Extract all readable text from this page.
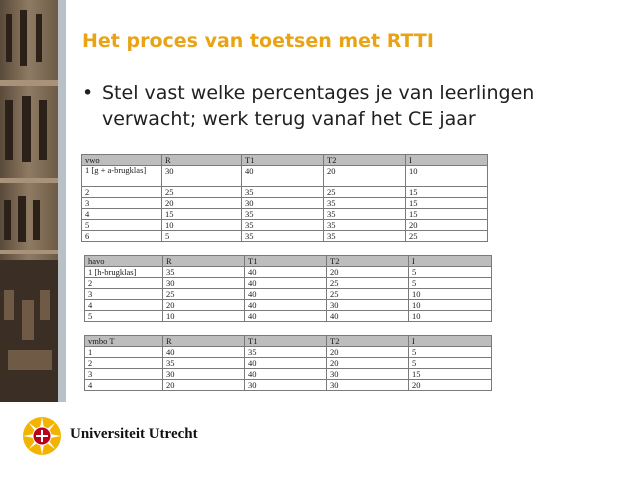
Het proces van toetsen met RTTI
• Stel vast welke percentages je van leerlingen verwacht; werk terug vanaf het CE jaar
vwo	R	T1	T2	I
1 [g + a-brugklas]	30	40	20	10
2	25	35	25	15
3	20	30	35	15
4	15	35	35	15
5	10	35	35	20
6	5	35	35	25
havo	R	T1	T2	I
1 [h-brugklas]	35	40	20	5
2	30	40	25	5
3	25	40	25	10
4	20	40	30	10
5	10	40	40	10
vmbo T	R	T1	T2	I
1	40	35	20	5
2	35	40	20	5
3	30	40	30	15
4	20	30	30	20
Universiteit Utrecht
